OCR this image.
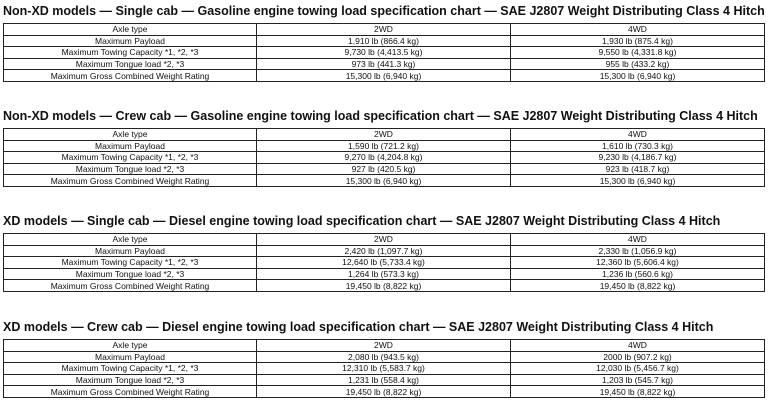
Non-XD models — Single cab — Gasoline engine towing load specification chart — SAE J2807 Weight Distributing Class 4 Hitch
Axle type	2WD	4WD
Maximum Payload	1,910 lb (866.4 kg)	1,930 lb (875.4 kg)
Maximum Towing Capacity *1, *2, *3	9,730 lb (4,413.5 kg)	9,550 lb (4,331.8 kg)
Maximum Tongue load *2, *3	973 lb (441.3 kg)	955 lb (433.2 kg)
Maximum Gross Combined Weight Rating	15,300 lb (6,940 kg)	15,300 lb (6,940 kg)
Non-XD models — Crew cab — Gasoline engine towing load specification chart — SAE J2807 Weight Distributing Class 4 Hitch
Axle type	2WD	4WD
Maximum Payload	1,590 lb (721.2 kg)	1,610 lb (730.3 kg)
Maximum Towing Capacity *1, *2, *3	9,270 lb (4,204.8 kg)	9,230 lb (4,186.7 kg)
Maximum Tongue load *2, *3	927 lb (420.5 kg)	923 lb (418.7 kg)
Maximum Gross Combined Weight Rating	15,300 lb (6,940 kg)	15,300 lb (6,940 kg)
XD models — Single cab — Diesel engine towing load specification chart — SAE J2807 Weight Distributing Class 4 Hitch
Axle type	2WD	4WD
Maximum Payload	2,420 lb (1,097.7 kg)	2,330 lb (1,056.9 kg)
Maximum Towing Capacity *1, *2, *3	12,640 lb (5,733.4 kg)	12,360 lb (5,606.4 kg)
Maximum Tongue load *2, *3	1,264 lb (573.3 kg)	1,236 lb (560.6 kg)
Maximum Gross Combined Weight Rating	19,450 lb (8,822 kg)	19,450 lb (8,822 kg)
XD models — Crew cab — Diesel engine towing load specification chart — SAE J2807 Weight Distributing Class 4 Hitch
Axle type	2WD	4WD
Maximum Payload	2,080 lb (943.5 kg)	2000 lb (907.2 kg)
Maximum Towing Capacity *1, *2, *3	12,310 lb (5,583.7 kg)	12,030 lb (5,456.7 kg)
Maximum Tongue load *2, *3	1,231 lb (558.4 kg)	1,203 lb (545.7 kg)
Maximum Gross Combined Weight Rating	19,450 lb (8,822 kg)	19,450 lb (8,822 kg)
